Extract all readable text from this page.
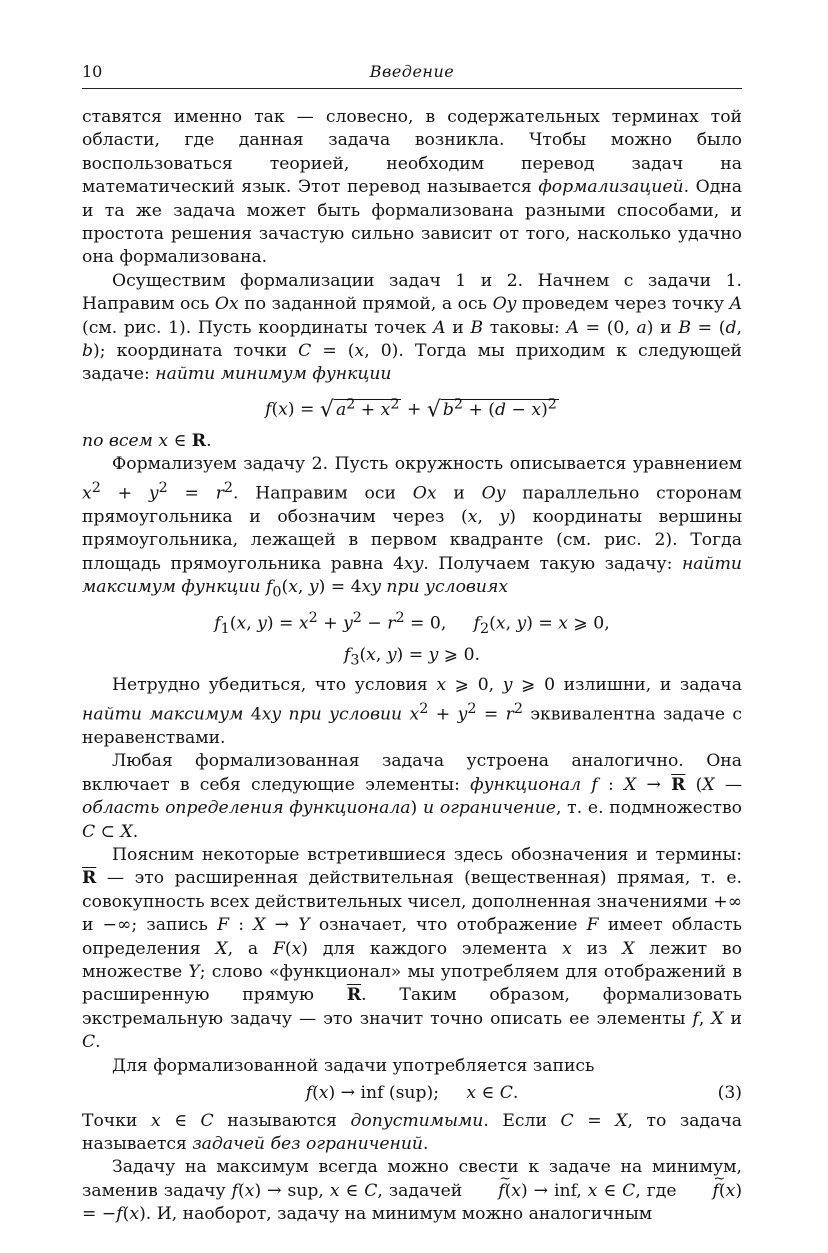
10	Введение

ставятся именно так — словесно, в содержательных терминах той области, где данная задача возникла. Чтобы можно было воспользоваться теорией, необходим перевод задач на математический язык. Этот перевод называется формализацией. Одна и та же задача может быть формализована разными способами, и простота решения зачастую сильно зависит от того, насколько удачно она формализована.

Осуществим формализации задач 1 и 2. Начнем с задачи 1. Направим ось Ox по заданной прямой, а ось Oy проведем через точку A (см. рис. 1). Пусть координаты точек A и B таковы: A = (0, a) и B = (d, b); координата точки C = (x, 0). Тогда мы приходим к следующей задаче: найти минимум функции

f(x) = √ $a^2 + x^2$ + √ $b^2 + (d - x)^2$

по всем x ∈ R.

Формализуем задачу 2. Пусть окружность описывается уравнением $x^2 + y^2 = r^2$. Направим оси Ox и Oy параллельно сторонам прямоугольника и обозначим через (x, y) координаты вершины прямоугольника, лежащей в первом квадранте (см. рис. 2). Тогда площадь прямоугольника равна 4xy. Получаем такую задачу: найти максимум функции $f_0(x$, y) = 4xy при условиях

$f_1(x$, $y) = x^2 + y^2 - r^2 = 0$,     $f_2(x$, y) = x ⩾ 0,
$f_3(x$, y) = y ⩾ 0.

Нетрудно убедиться, что условия x ⩾ 0, y ⩾ 0 излишни, и задача найти максимум 4xy при условии $x^2 + y^2 = r^2$ эквивалентна задаче с неравенствами.

Любая формализованная задача устроена аналогично. Она включает в себя следующие элементы: функционал f : $X \to \overline{R}$ (X — область определения функционала) и ограничение, т. е. подмножество C ⊂ X.

Поясним некоторые встретившиеся здесь обозначения и термины: $\overline{R}$ — это расширенная действительная (вещественная) прямая, т. е. совокупность всех действительных чисел, дополненная значениями +∞ и −∞; запись F : X → Y означает, что отображение F имеет область определения X, а F(x) для каждого элемента x из X лежит во множестве Y; слово «функционал» мы употребляем для отображений в расширенную прямую $\overline{R}$. Таким образом, формализовать экстремальную задачу — это значит точно описать ее элементы f, X и C.

Для формализованной задачи употребляется запись

f(x) → inf (sup);     x ∈ C.	(3)

Точки x ∈ C называются допустимыми. Если C = X, то задача называется задачей без ограничений.

Задачу на максимум всегда можно свести к задаче на минимум, заменив задачу f(x) → sup, x ∈ C, задачей ~ f(x) → inf, x ∈ C, где ~ f(x) = −f(x). И, наоборот, задачу на минимум можно аналогичным
